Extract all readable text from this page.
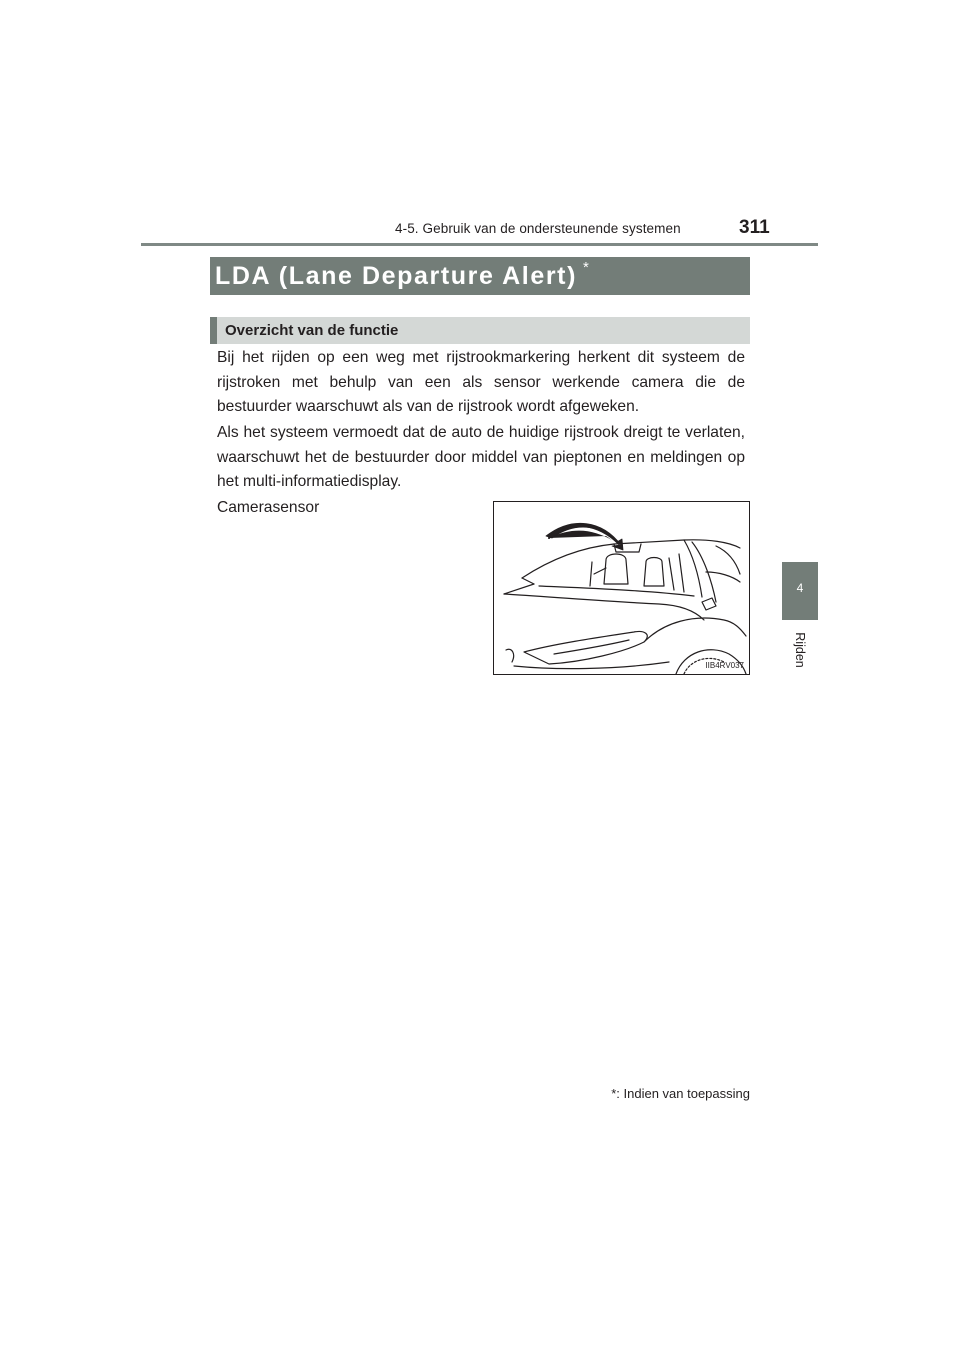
4-5. Gebruik van de ondersteunende systemen	311
4
Rijden
LDA (Lane Departure Alert) *
Overzicht van de functie
Bij het rijden op een weg met rijstrookmarkering herkent dit systeem de rijstroken met behulp van een als sensor werkende camera die de bestuurder waarschuwt als van de rijstrook wordt afgeweken.
Als het systeem vermoedt dat de auto de huidige rijstrook dreigt te verlaten, waarschuwt het de bestuurder door middel van pieptonen en meldingen op het multi-informatiedisplay.
Camerasensor
IIB4RV037
*: Indien van toepassing
